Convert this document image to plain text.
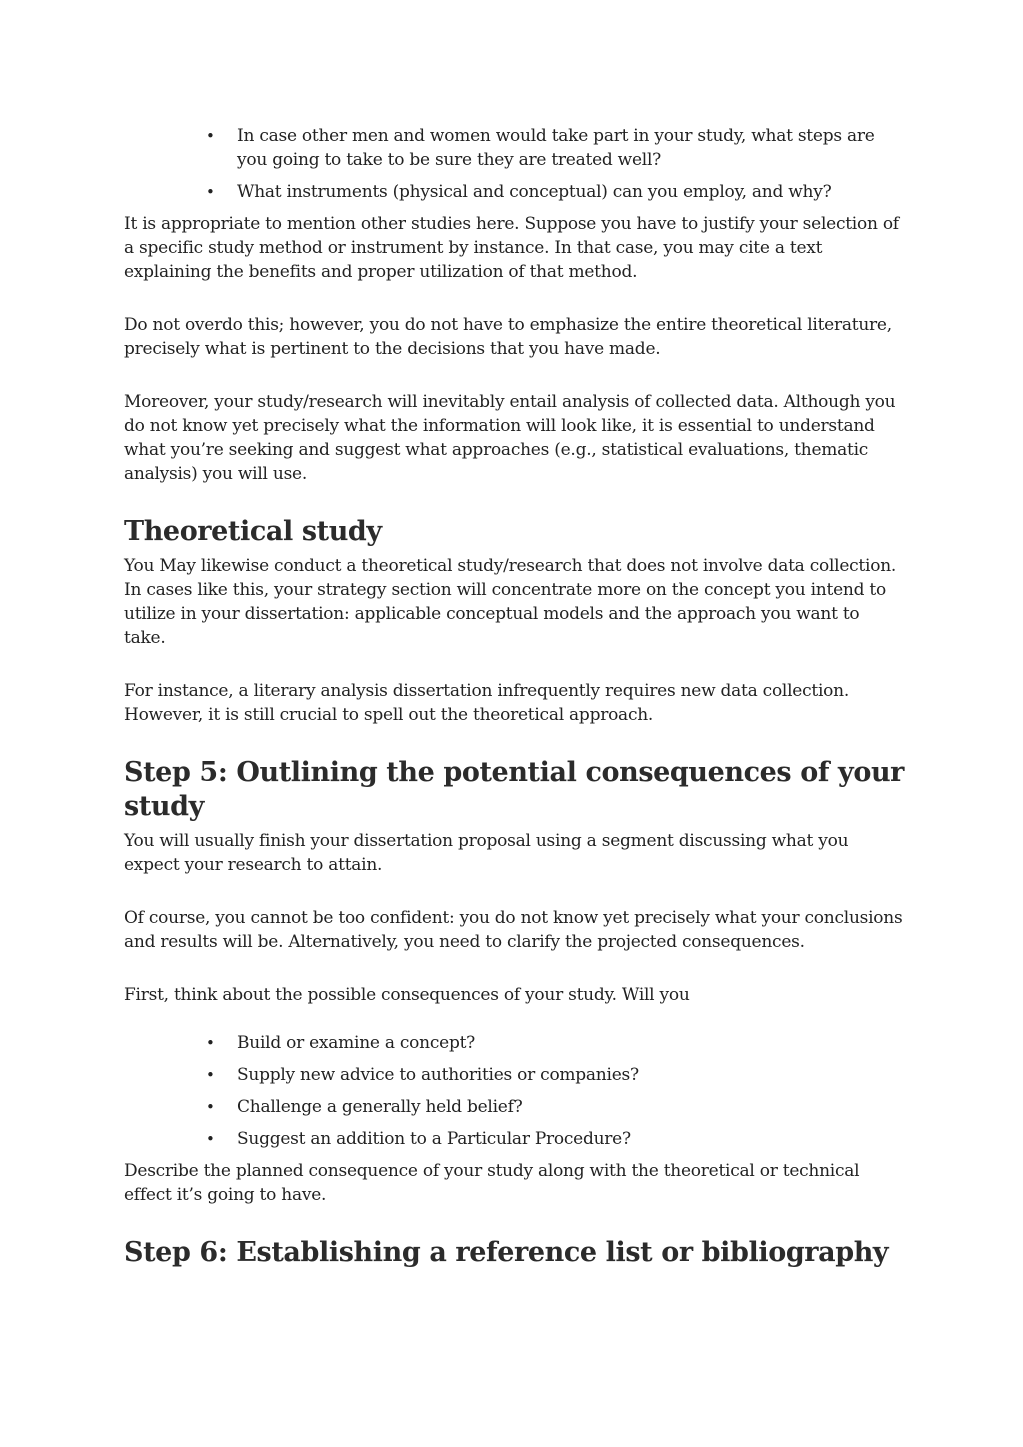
• In case other men and women would take part in your study, what steps are you going to take to be sure they are treated well?
• What instruments (physical and conceptual) can you employ, and why?

It is appropriate to mention other studies here. Suppose you have to justify your selection of a specific study method or instrument by instance. In that case, you may cite a text explaining the benefits and proper utilization of that method.

Do not overdo this; however, you do not have to emphasize the entire theoretical literature, precisely what is pertinent to the decisions that you have made.

Moreover, your study/research will inevitably entail analysis of collected data. Although you do not know yet precisely what the information will look like, it is essential to understand what you’re seeking and suggest what approaches (e.g., statistical evaluations, thematic analysis) you will use.

Theoretical study

You May likewise conduct a theoretical study/research that does not involve data collection. In cases like this, your strategy section will concentrate more on the concept you intend to utilize in your dissertation: applicable conceptual models and the approach you want to take.

For instance, a literary analysis dissertation infrequently requires new data collection. However, it is still crucial to spell out the theoretical approach.

Step 5: Outlining the potential consequences of your study

You will usually finish your dissertation proposal using a segment discussing what you expect your research to attain.

Of course, you cannot be too confident: you do not know yet precisely what your conclusions and results will be. Alternatively, you need to clarify the projected consequences.

First, think about the possible consequences of your study. Will you

• Build or examine a concept?
• Supply new advice to authorities or companies?
• Challenge a generally held belief?
• Suggest an addition to a Particular Procedure?

Describe the planned consequence of your study along with the theoretical or technical effect it’s going to have.

Step 6: Establishing a reference list or bibliography
